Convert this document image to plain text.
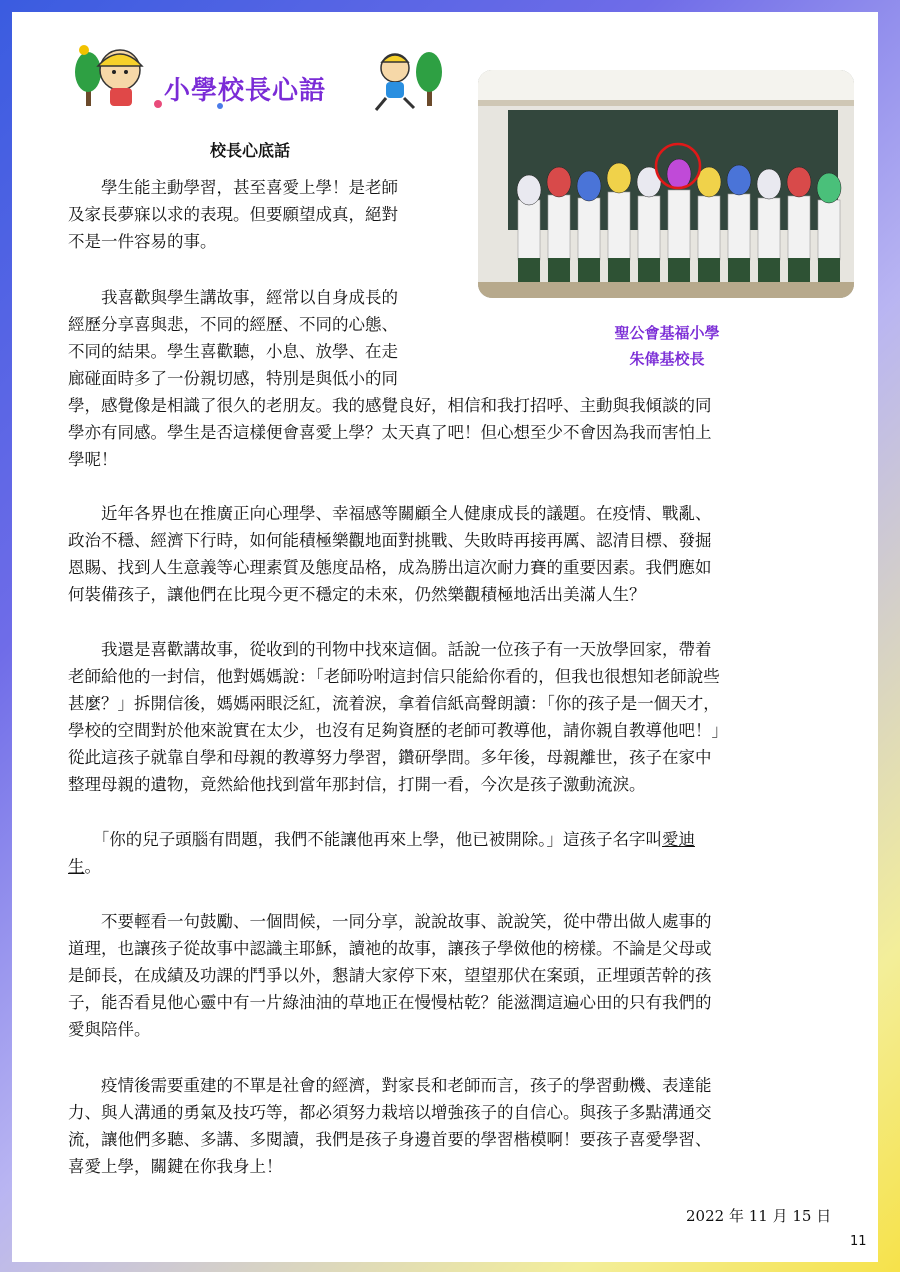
小學校長心語
聖公會基福小學
朱偉基校長
校長心底話
　　學生能主動學習，甚至喜愛上學！是老師
及家長夢寐以求的表現。但要願望成真，絕對
不是一件容易的事。
　　我喜歡與學生講故事，經常以自身成長的
經歷分享喜與悲，不同的經歷、不同的心態、
不同的結果。學生喜歡聽，小息、放學、在走
廊碰面時多了一份親切感，特別是與低小的同
學，感覺像是相識了很久的老朋友。我的感覺良好，相信和我打招呼、主動與我傾談的同
學亦有同感。學生是否這樣便會喜愛上學？太天真了吧！但心想至少不會因為我而害怕上
學呢！
　　近年各界也在推廣正向心理學、幸福感等關顧全人健康成長的議題。在疫情、戰亂、
政治不穩、經濟下行時，如何能積極樂觀地面對挑戰、失敗時再接再厲、認清目標、發掘
恩賜、找到人生意義等心理素質及態度品格，成為勝出這次耐力賽的重要因素。我們應如
何裝備孩子，讓他們在比現今更不穩定的未來，仍然樂觀積極地活出美滿人生？
　　我還是喜歡講故事，從收到的刊物中找來這個。話說一位孩子有一天放學回家，帶着
老師給他的一封信，他對媽媽說：「老師吩咐這封信只能給你看的，但我也很想知老師說些
甚麼？」拆開信後，媽媽兩眼泛紅，流着淚，拿着信紙高聲朗讀：「你的孩子是一個天才，
學校的空間對於他來說實在太少，也沒有足夠資歷的老師可教導他，請你親自教導他吧！」
從此這孩子就靠自學和母親的教導努力學習，鑽研學問。多年後，母親離世，孩子在家中
整理母親的遺物，竟然給他找到當年那封信，打開一看，今次是孩子激動流淚。
　　「你的兒子頭腦有問題，我們不能讓他再來上學，他已被開除。」這孩子名字叫愛迪
生。
　　不要輕看一句鼓勵、一個問候，一同分享，說說故事、說說笑，從中帶出做人處事的
道理，也讓孩子從故事中認識主耶穌，讀祂的故事，讓孩子學傚他的榜樣。不論是父母或
是師長，在成績及功課的鬥爭以外，懇請大家停下來，望望那伏在案頭，正埋頭苦幹的孩
子，能否看見他心靈中有一片綠油油的草地正在慢慢枯乾？能滋潤這遍心田的只有我們的
愛與陪伴。
　　疫情後需要重建的不單是社會的經濟，對家長和老師而言，孩子的學習動機、表達能
力、與人溝通的勇氣及技巧等，都必須努力栽培以增強孩子的自信心。與孩子多點溝通交
流，讓他們多聽、多講、多閱讀，我們是孩子身邊首要的學習楷模啊！要孩子喜愛學習、
喜愛上學，關鍵在你我身上！
2022 年 11 月 15 日
11
